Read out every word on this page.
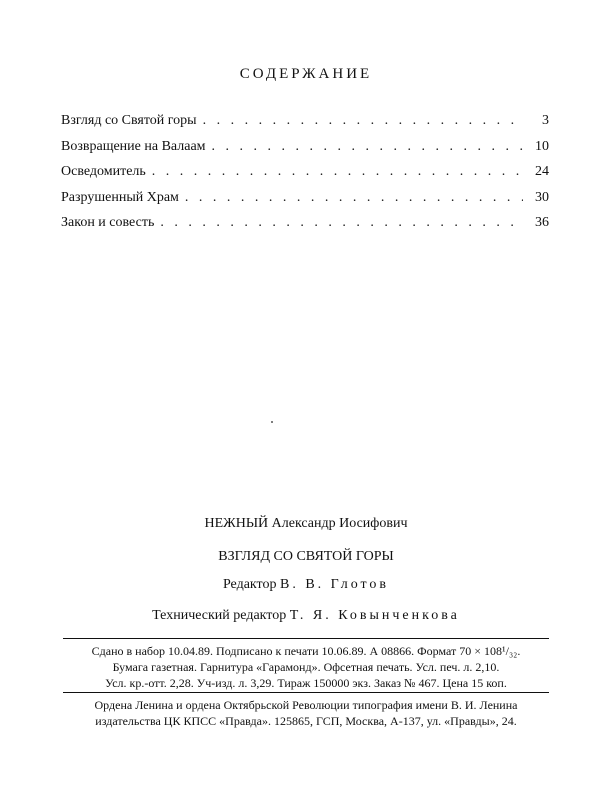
СОДЕРЖАНИЕ
Взгляд со Святой горы . . .	3
Возвращение на Валаам . . .	10
Осведомитель . . .	24
Разрушенный Храм . . .	30
Закон и совесть . . .	36
НЕЖНЫЙ Александр Иосифович
ВЗГЛЯД СО СВЯТОЙ ГОРЫ
Редактор В. В. Глотов
Технический редактор Т. Я. Ковынченкова
Сдано в набор 10.04.89. Подписано к печати 10.06.89. А 08866. Формат 70 × 108¹/₃₂.
Бумага газетная. Гарнитура «Гарамонд». Офсетная печать. Усл. печ. л. 2,10.
Усл. кр.-отт. 2,28. Уч-изд. л. 3,29. Тираж 150000 экз. Заказ № 467. Цена 15 коп.
Ордена Ленина и ордена Октябрьской Революции типография имени В. И. Ленина
издательства ЦК КПСС «Правда». 125865, ГСП, Москва, А-137, ул. «Правды», 24.
